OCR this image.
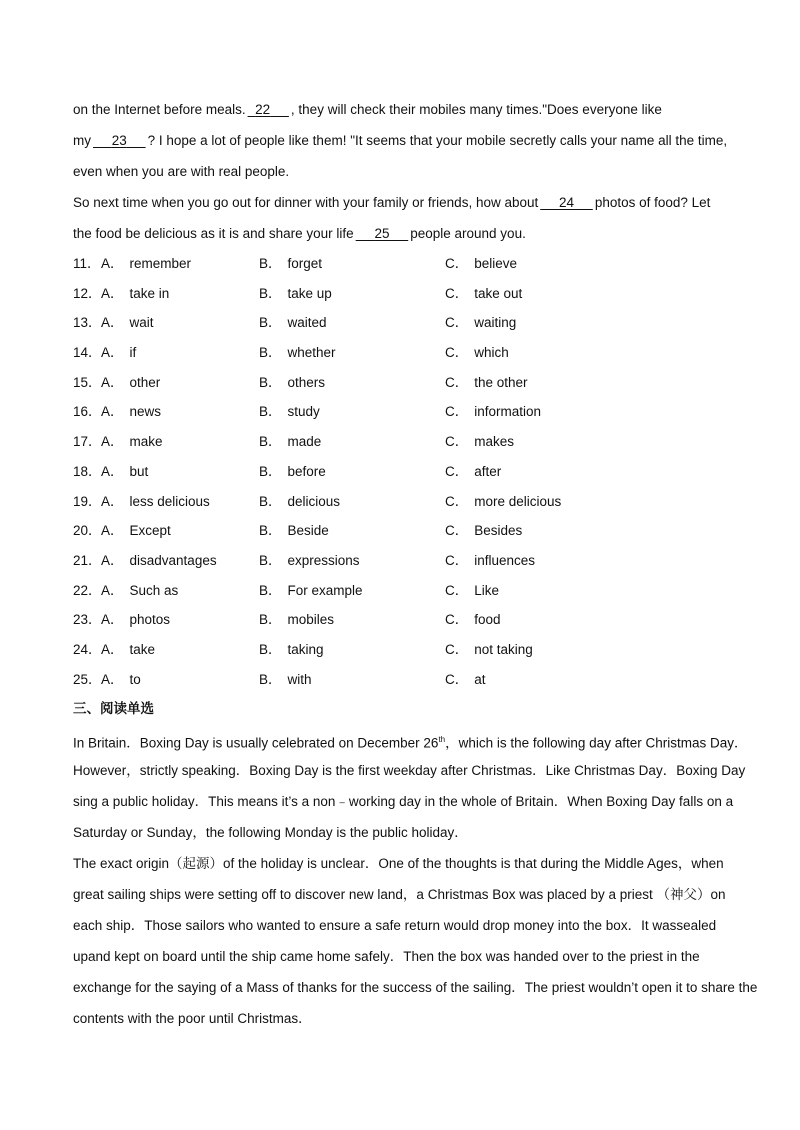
on the Internet before meals. 22 , they will check their mobiles many times."Does everyone like
my 23 ? I hope a lot of people like them! "It seems that your mobile secretly calls your name all the time,
even when you are with real people.
So next time when you go out for dinner with your family or friends, how about 24 photos of food? Let
the food be delicious as it is and share your life 25 people around you.
11． A． remember	B． forget	C． believe
12． A． take in	B． take up	C． take out
13． A． wait	B． waited	C． waiting
14． A． if	B． whether	C． which
15． A． other	B． others	C． the other
16． A． news	B． study	C． information
17． A． make	B． made	C． makes
18． A． but	B． before	C． after
19． A． less delicious	B． delicious	C． more delicious
20． A． Except	B． Beside	C． Besides
21． A． disadvantages	B． expressions	C． influences
22． A． Such as	B． For example	C． Like
23． A． photos	B． mobiles	C． food
24． A． take	B． taking	C． not taking
25． A． to	B． with	C． at
三、阅读单选
In Britain．Boxing Day is usually celebrated on December 26th，which is the following day after Christmas Day．
However，strictly speaking．Boxing Day is the first weekday after Christmas．Like Christmas Day．Boxing Day
sing a public holiday．This means it’s a non﹣working day in the whole of Britain．When Boxing Day falls on a
Saturday or Sunday，the following Monday is the public holiday．
The exact origin（起源）of the holiday is unclear．One of the thoughts is that during the Middle Ages，when
great sailing ships were setting off to discover new land，a Christmas Box was placed by a priest （神父）on
each ship．Those sailors who wanted to ensure a safe return would drop money into the box．It wassealed
upand kept on board until the ship came home safely．Then the box was handed over to the priest in the
exchange for the saying of a Mass of thanks for the success of the sailing．The priest wouldn’t open it to share the
contents with the poor until Christmas．
